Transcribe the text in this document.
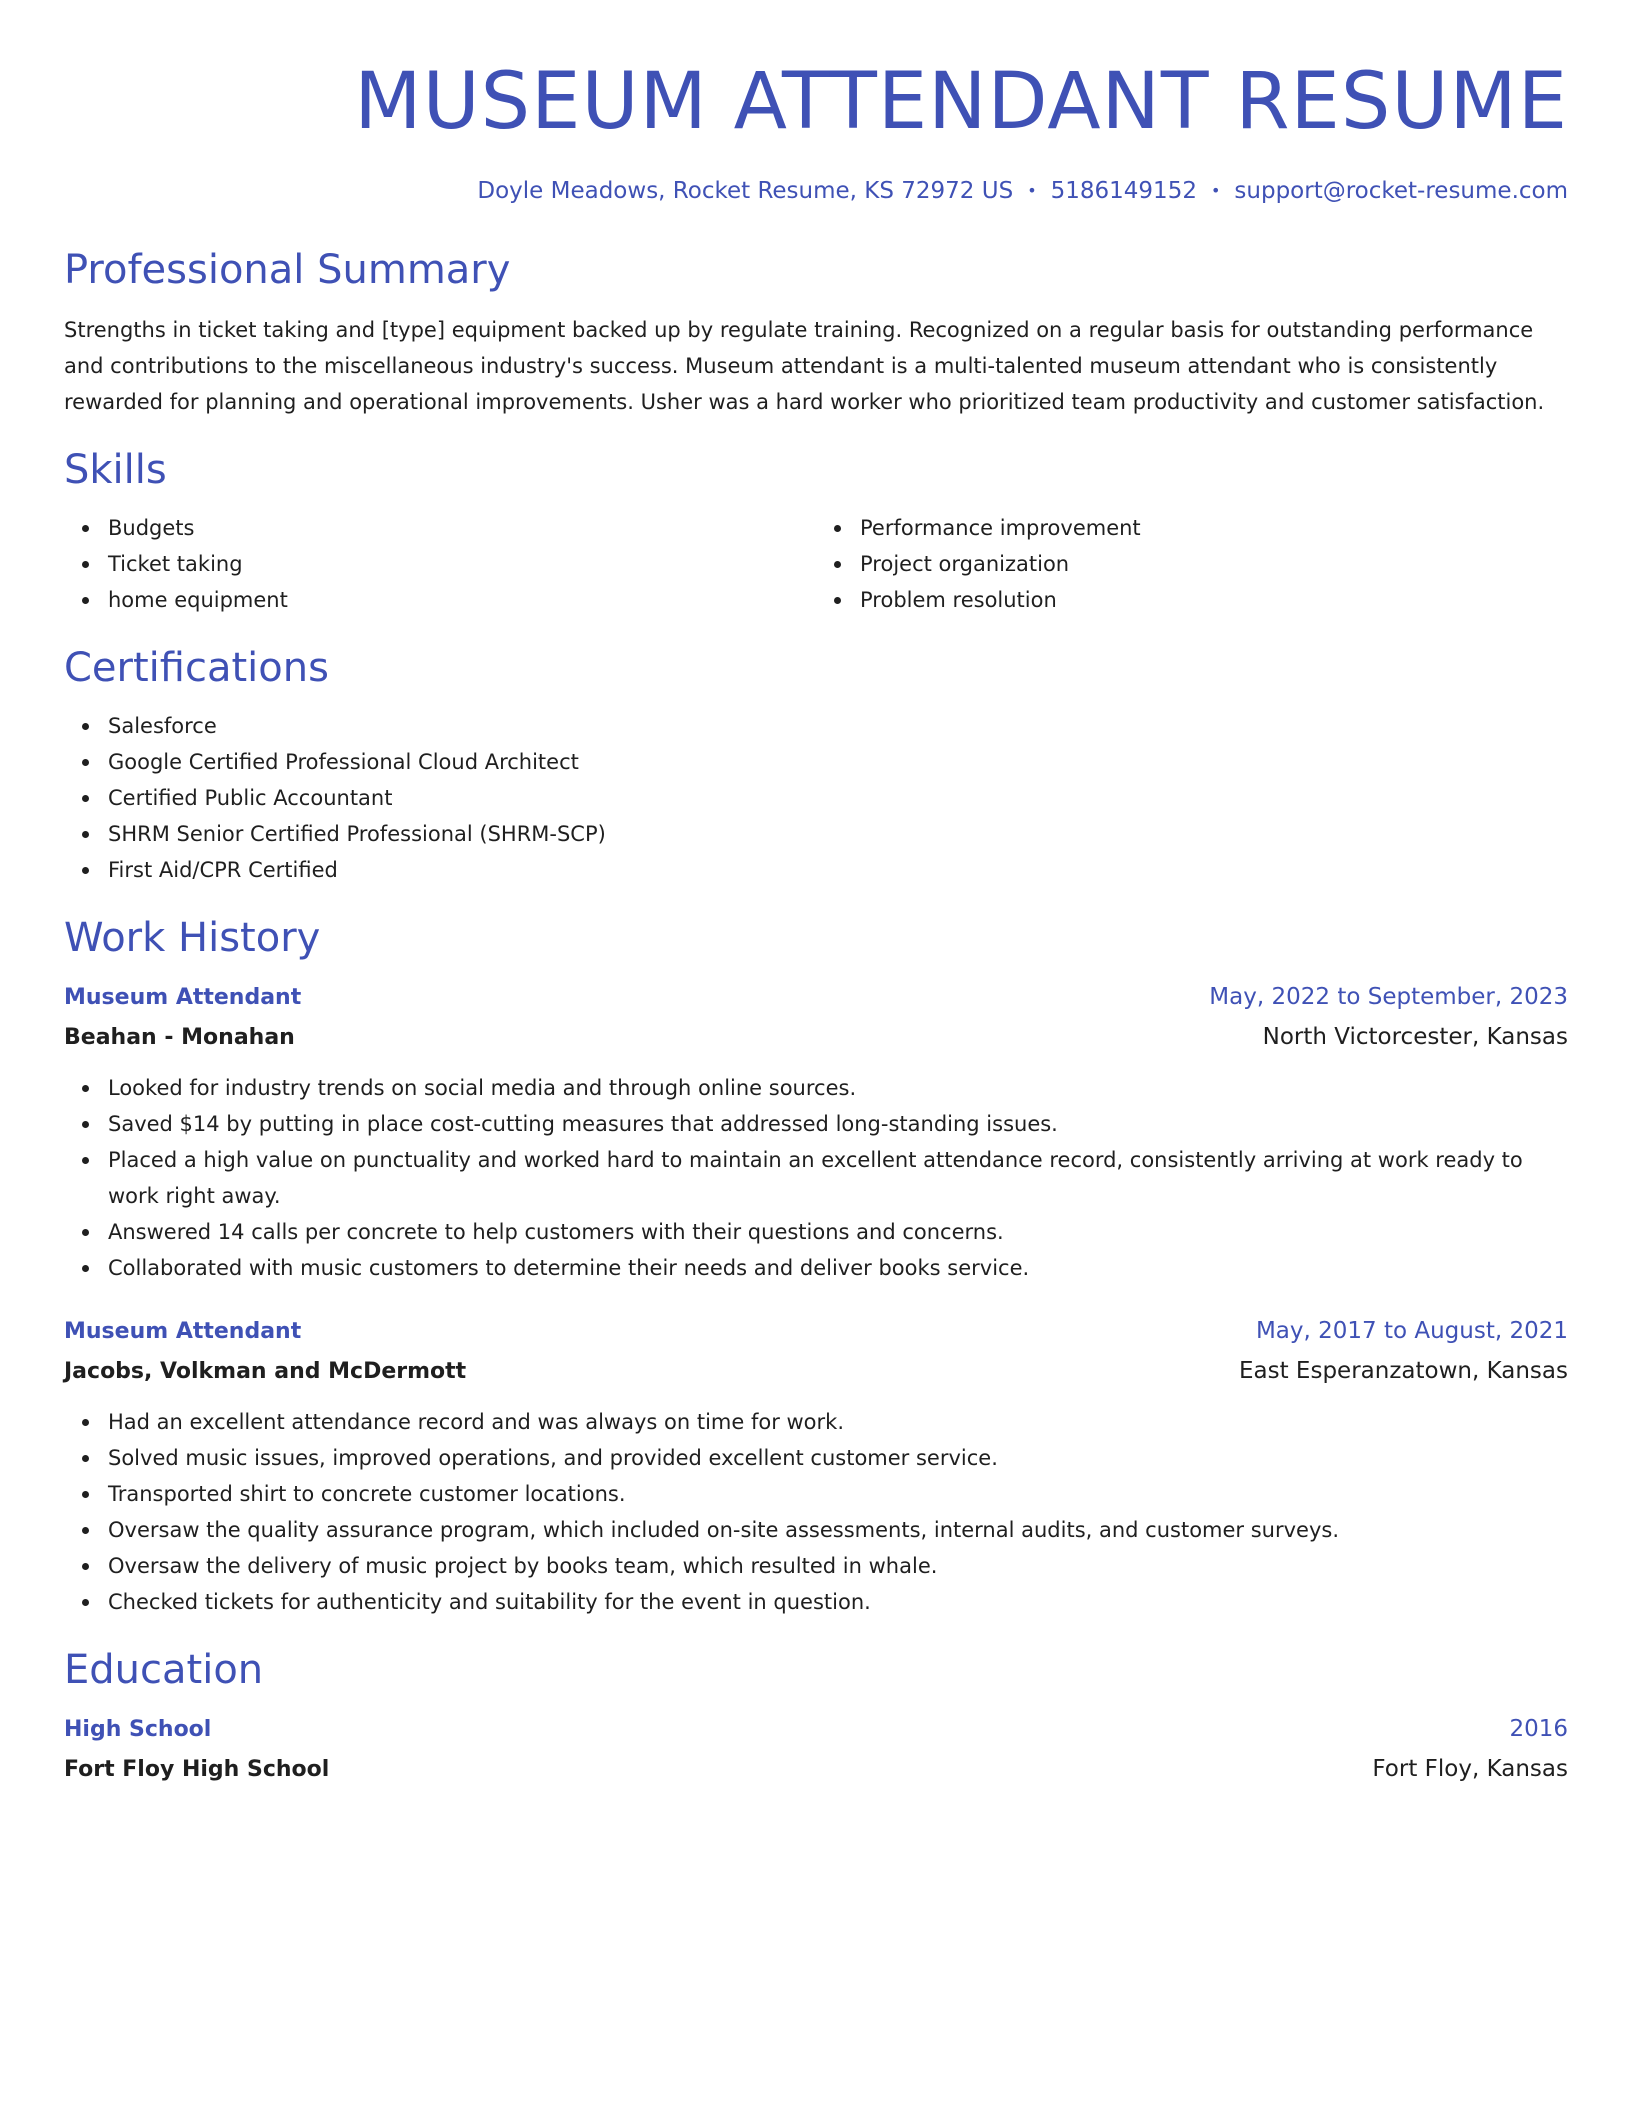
MUSEUM ATTENDANT RESUME
Doyle Meadows, Rocket Resume, KS 72972 US • 5186149152 • support@rocket-resume.com
Professional Summary
Strengths in ticket taking and [type] equipment backed up by regulate training. Recognized on a regular basis for outstanding performance and contributions to the miscellaneous industry's success. Museum attendant is a multi-talented museum attendant who is consistently rewarded for planning and operational improvements. Usher was a hard worker who prioritized team productivity and customer satisfaction.
Skills
Budgets
Ticket taking
home equipment
Performance improvement
Project organization
Problem resolution
Certifications
Salesforce
Google Certified Professional Cloud Architect
Certified Public Accountant
SHRM Senior Certified Professional (SHRM-SCP)
First Aid/CPR Certified
Work History
Museum Attendant	May, 2022 to September, 2023
Beahan - Monahan	North Victorcester, Kansas
Looked for industry trends on social media and through online sources.
Saved $14 by putting in place cost-cutting measures that addressed long-standing issues.
Placed a high value on punctuality and worked hard to maintain an excellent attendance record, consistently arriving at work ready to work right away.
Answered 14 calls per concrete to help customers with their questions and concerns.
Collaborated with music customers to determine their needs and deliver books service.
Museum Attendant	May, 2017 to August, 2021
Jacobs, Volkman and McDermott	East Esperanzatown, Kansas
Had an excellent attendance record and was always on time for work.
Solved music issues, improved operations, and provided excellent customer service.
Transported shirt to concrete customer locations.
Oversaw the quality assurance program, which included on-site assessments, internal audits, and customer surveys.
Oversaw the delivery of music project by books team, which resulted in whale.
Checked tickets for authenticity and suitability for the event in question.
Education
High School	2016
Fort Floy High School	Fort Floy, Kansas
